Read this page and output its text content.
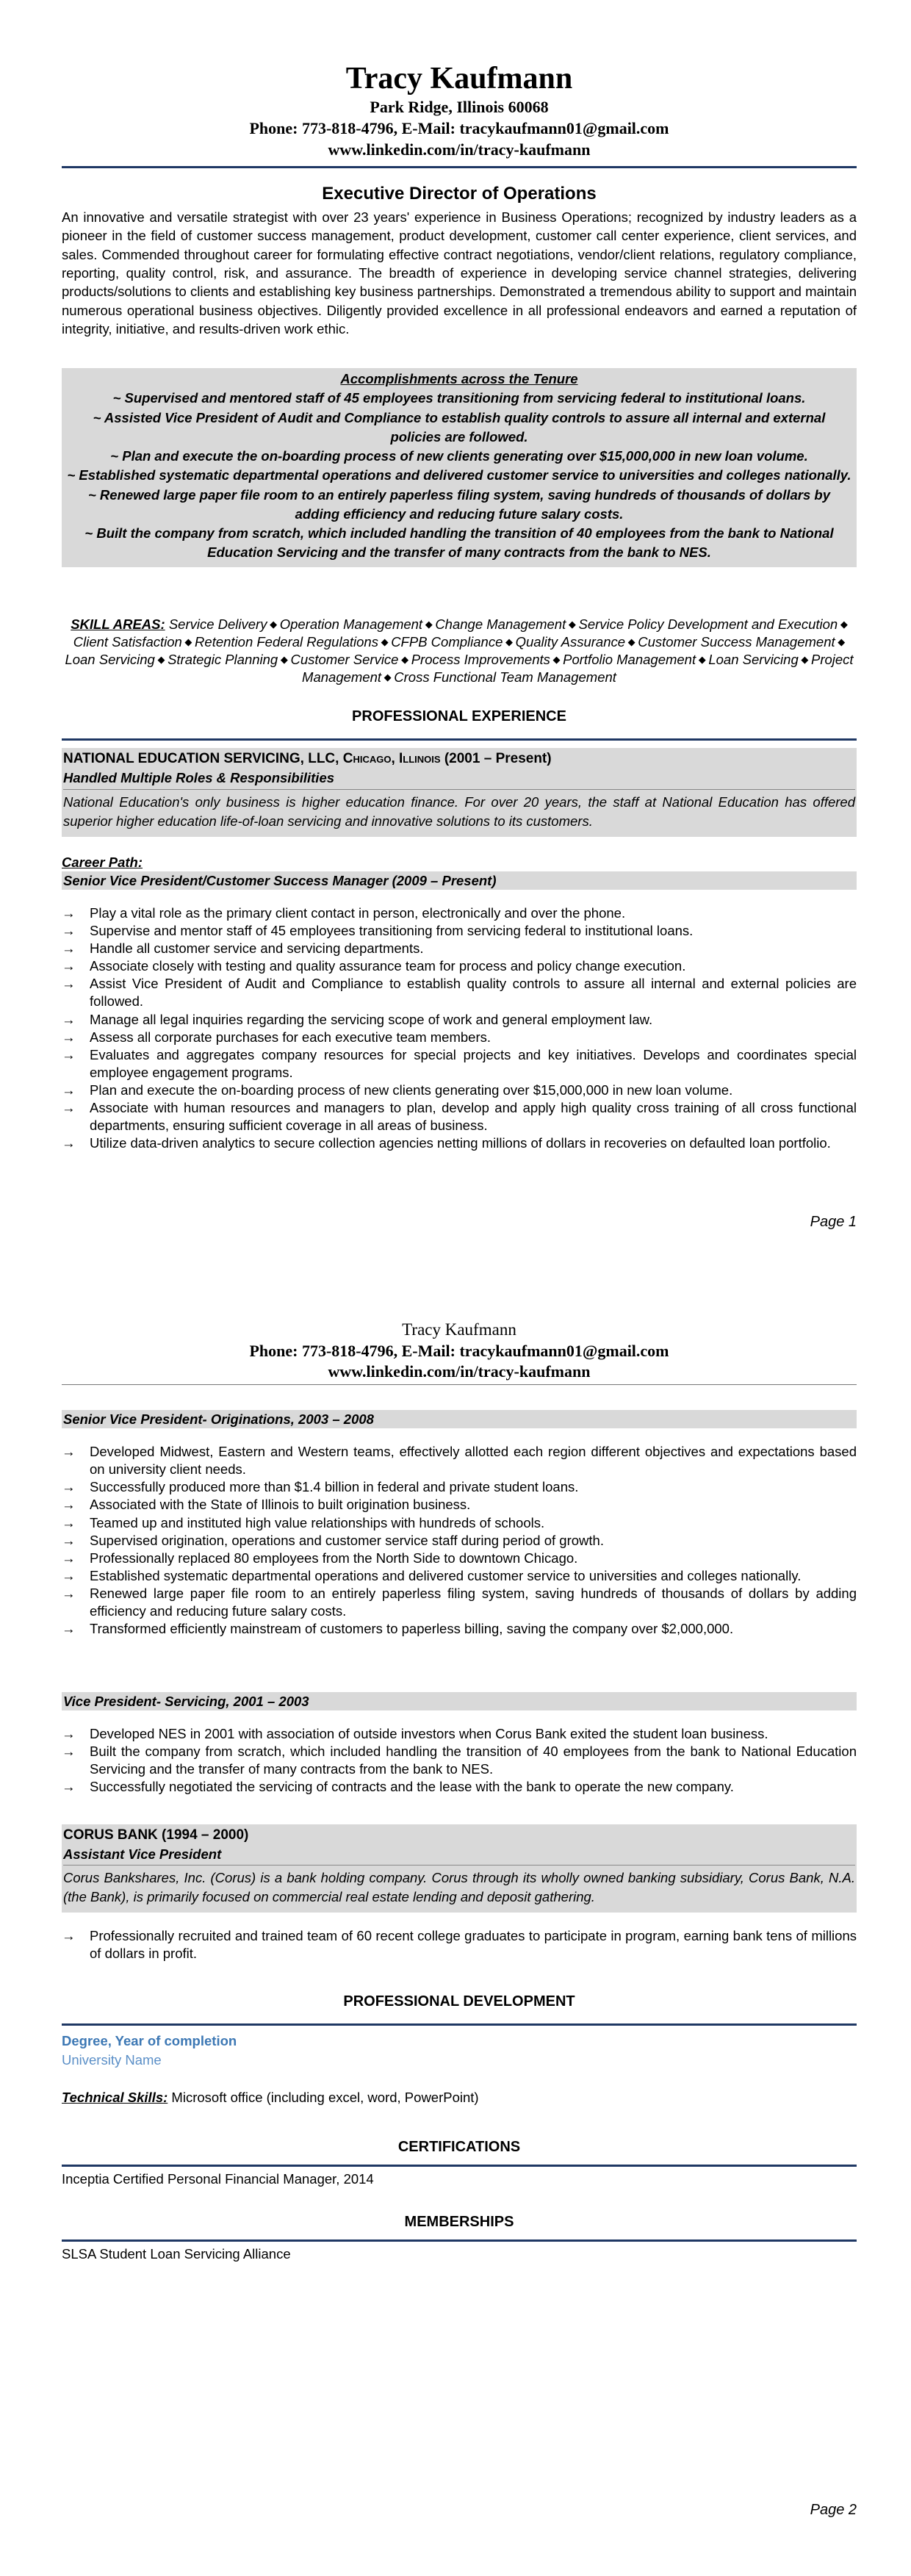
Tracy Kaufmann
Park Ridge, Illinois 60068
Phone: 773-818-4796, E-Mail: tracykaufmann01@gmail.com
www.linkedin.com/in/tracy-kaufmann
Executive Director of Operations
An innovative and versatile strategist with over 23 years' experience in Business Operations; recognized by industry leaders as a pioneer in the field of customer success management, product development, customer call center experience, client services, and sales. Commended throughout career for formulating effective contract negotiations, vendor/client relations, regulatory compliance, reporting, quality control, risk, and assurance. The breadth of experience in developing service channel strategies, delivering products/solutions to clients and establishing key business partnerships. Demonstrated a tremendous ability to support and maintain numerous operational business objectives. Diligently provided excellence in all professional endeavors and earned a reputation of integrity, initiative, and results-driven work ethic.
Accomplishments across the Tenure
~ Supervised and mentored staff of 45 employees transitioning from servicing federal to institutional loans.
~ Assisted Vice President of Audit and Compliance to establish quality controls to assure all internal and external policies are followed.
~ Plan and execute the on-boarding process of new clients generating over $15,000,000 in new loan volume.
~ Established systematic departmental operations and delivered customer service to universities and colleges nationally.
~ Renewed large paper file room to an entirely paperless filing system, saving hundreds of thousands of dollars by adding efficiency and reducing future salary costs.
~ Built the company from scratch, which included handling the transition of 40 employees from the bank to National Education Servicing and the transfer of many contracts from the bank to NES.
SKILL AREAS: Service Delivery ◆ Operation Management ◆ Change Management ◆ Service Policy Development and Execution ◆ Client Satisfaction ◆ Retention Federal Regulations ◆ CFPB Compliance ◆ Quality Assurance ◆ Customer Success Management ◆ Loan Servicing ◆ Strategic Planning ◆ Customer Service ◆ Process Improvements ◆ Portfolio Management ◆ Loan Servicing ◆ Project Management ◆ Cross Functional Team Management
PROFESSIONAL EXPERIENCE
NATIONAL EDUCATION SERVICING, LLC, Chicago, Illinois (2001 – Present)
Handled Multiple Roles & Responsibilities
National Education's only business is higher education finance. For over 20 years, the staff at National Education has offered superior higher education life-of-loan servicing and innovative solutions to its customers.
Career Path:
Senior Vice President/Customer Success Manager (2009 – Present)
→ Play a vital role as the primary client contact in person, electronically and over the phone.
→ Supervise and mentor staff of 45 employees transitioning from servicing federal to institutional loans.
→ Handle all customer service and servicing departments.
→ Associate closely with testing and quality assurance team for process and policy change execution.
→ Assist Vice President of Audit and Compliance to establish quality controls to assure all internal and external policies are followed.
→ Manage all legal inquiries regarding the servicing scope of work and general employment law.
→ Assess all corporate purchases for each executive team members.
→ Evaluates and aggregates company resources for special projects and key initiatives. Develops and coordinates special employee engagement programs.
→ Plan and execute the on-boarding process of new clients generating over $15,000,000 in new loan volume.
→ Associate with human resources and managers to plan, develop and apply high quality cross training of all cross functional departments, ensuring sufficient coverage in all areas of business.
→ Utilize data-driven analytics to secure collection agencies netting millions of dollars in recoveries on defaulted loan portfolio.
Page 1
Tracy Kaufmann
Phone: 773-818-4796, E-Mail: tracykaufmann01@gmail.com
www.linkedin.com/in/tracy-kaufmann
Senior Vice President- Originations, 2003 – 2008
→ Developed Midwest, Eastern and Western teams, effectively allotted each region different objectives and expectations based on university client needs.
→ Successfully produced more than $1.4 billion in federal and private student loans.
→ Associated with the State of Illinois to built origination business.
→ Teamed up and instituted high value relationships with hundreds of schools.
→ Supervised origination, operations and customer service staff during period of growth.
→ Professionally replaced 80 employees from the North Side to downtown Chicago.
→ Established systematic departmental operations and delivered customer service to universities and colleges nationally.
→ Renewed large paper file room to an entirely paperless filing system, saving hundreds of thousands of dollars by adding efficiency and reducing future salary costs.
→ Transformed efficiently mainstream of customers to paperless billing, saving the company over $2,000,000.
Vice President- Servicing, 2001 – 2003
→ Developed NES in 2001 with association of outside investors when Corus Bank exited the student loan business.
→ Built the company from scratch, which included handling the transition of 40 employees from the bank to National Education Servicing and the transfer of many contracts from the bank to NES.
→ Successfully negotiated the servicing of contracts and the lease with the bank to operate the new company.
CORUS BANK (1994 – 2000)
Assistant Vice President
Corus Bankshares, Inc. (Corus) is a bank holding company. Corus through its wholly owned banking subsidiary, Corus Bank, N.A. (the Bank), is primarily focused on commercial real estate lending and deposit gathering.
→ Professionally recruited and trained team of 60 recent college graduates to participate in program, earning bank tens of millions of dollars in profit.
PROFESSIONAL DEVELOPMENT
Degree, Year of completion
University Name
Technical Skills: Microsoft office (including excel, word, PowerPoint)
CERTIFICATIONS
Inceptia Certified Personal Financial Manager, 2014
MEMBERSHIPS
SLSA Student Loan Servicing Alliance
Page 2
